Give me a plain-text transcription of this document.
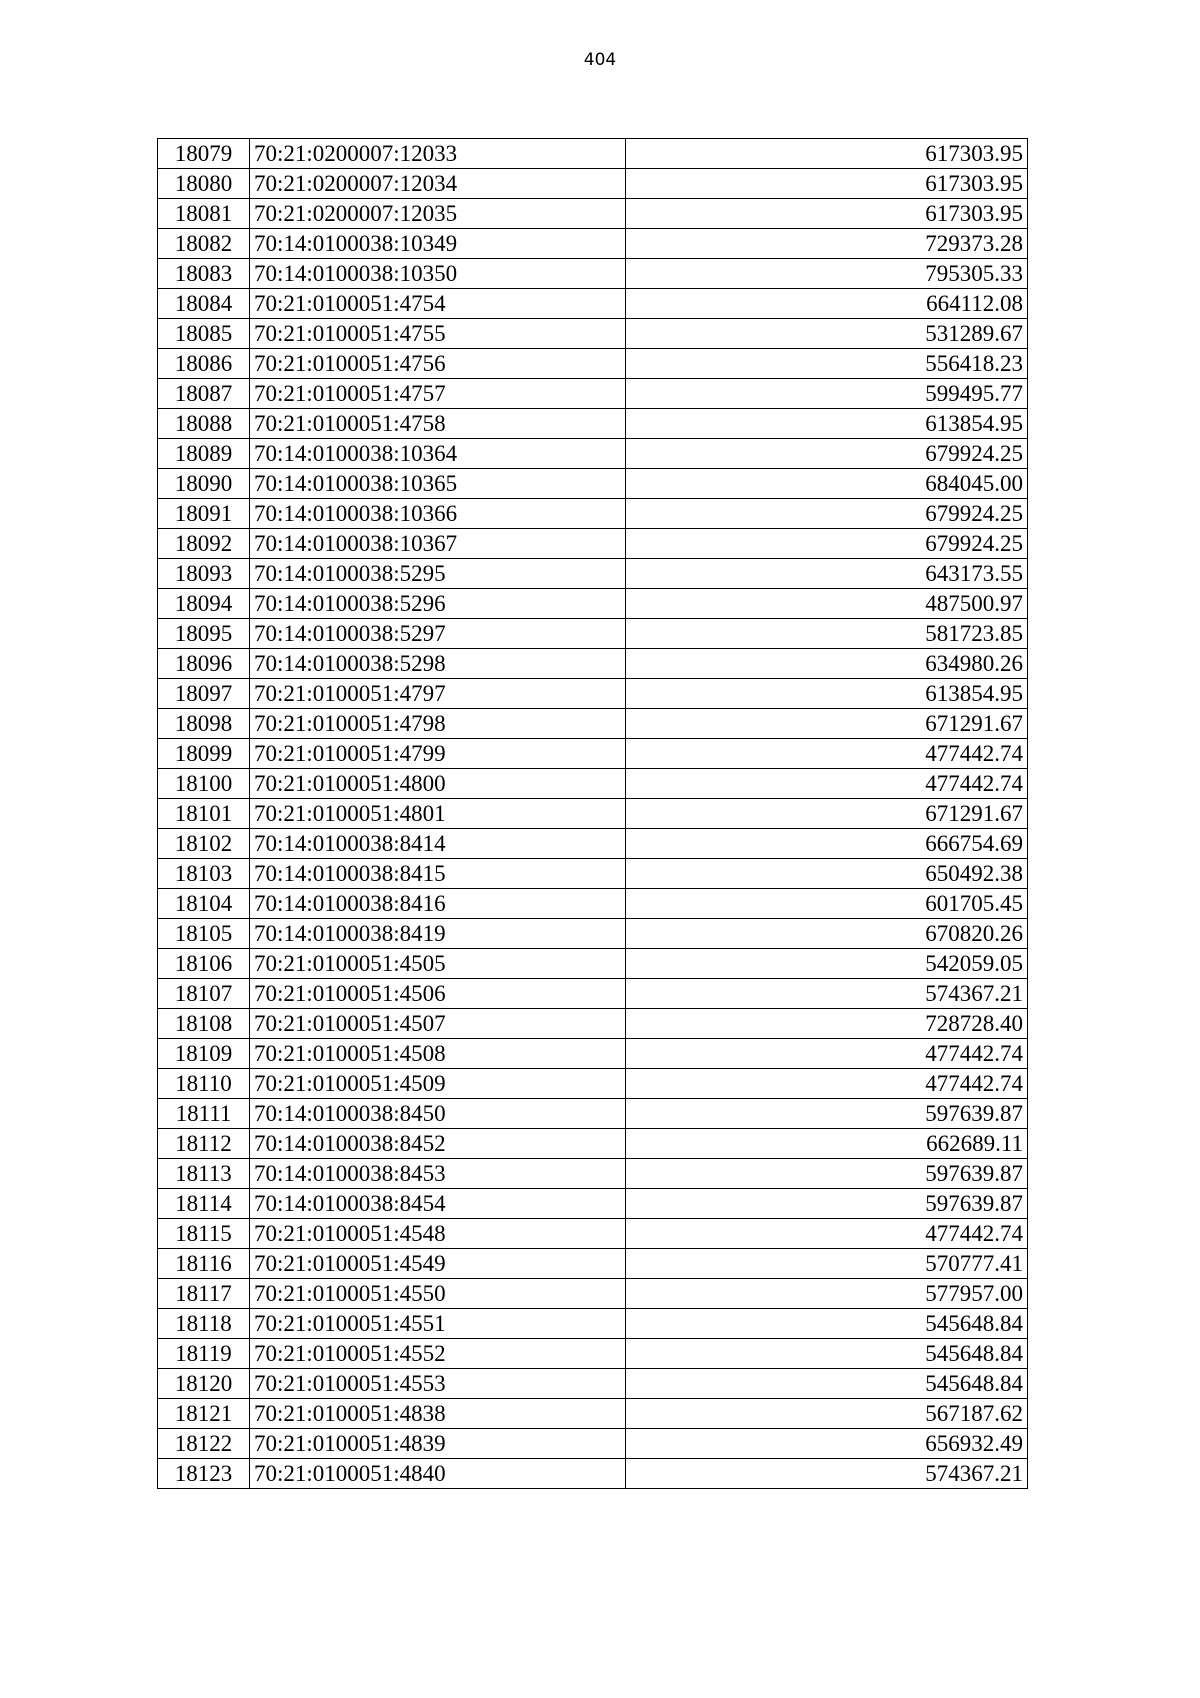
404
18079	70:21:0200007:12033	617303.95
18080	70:21:0200007:12034	617303.95
18081	70:21:0200007:12035	617303.95
18082	70:14:0100038:10349	729373.28
18083	70:14:0100038:10350	795305.33
18084	70:21:0100051:4754	664112.08
18085	70:21:0100051:4755	531289.67
18086	70:21:0100051:4756	556418.23
18087	70:21:0100051:4757	599495.77
18088	70:21:0100051:4758	613854.95
18089	70:14:0100038:10364	679924.25
18090	70:14:0100038:10365	684045.00
18091	70:14:0100038:10366	679924.25
18092	70:14:0100038:10367	679924.25
18093	70:14:0100038:5295	643173.55
18094	70:14:0100038:5296	487500.97
18095	70:14:0100038:5297	581723.85
18096	70:14:0100038:5298	634980.26
18097	70:21:0100051:4797	613854.95
18098	70:21:0100051:4798	671291.67
18099	70:21:0100051:4799	477442.74
18100	70:21:0100051:4800	477442.74
18101	70:21:0100051:4801	671291.67
18102	70:14:0100038:8414	666754.69
18103	70:14:0100038:8415	650492.38
18104	70:14:0100038:8416	601705.45
18105	70:14:0100038:8419	670820.26
18106	70:21:0100051:4505	542059.05
18107	70:21:0100051:4506	574367.21
18108	70:21:0100051:4507	728728.40
18109	70:21:0100051:4508	477442.74
18110	70:21:0100051:4509	477442.74
18111	70:14:0100038:8450	597639.87
18112	70:14:0100038:8452	662689.11
18113	70:14:0100038:8453	597639.87
18114	70:14:0100038:8454	597639.87
18115	70:21:0100051:4548	477442.74
18116	70:21:0100051:4549	570777.41
18117	70:21:0100051:4550	577957.00
18118	70:21:0100051:4551	545648.84
18119	70:21:0100051:4552	545648.84
18120	70:21:0100051:4553	545648.84
18121	70:21:0100051:4838	567187.62
18122	70:21:0100051:4839	656932.49
18123	70:21:0100051:4840	574367.21
